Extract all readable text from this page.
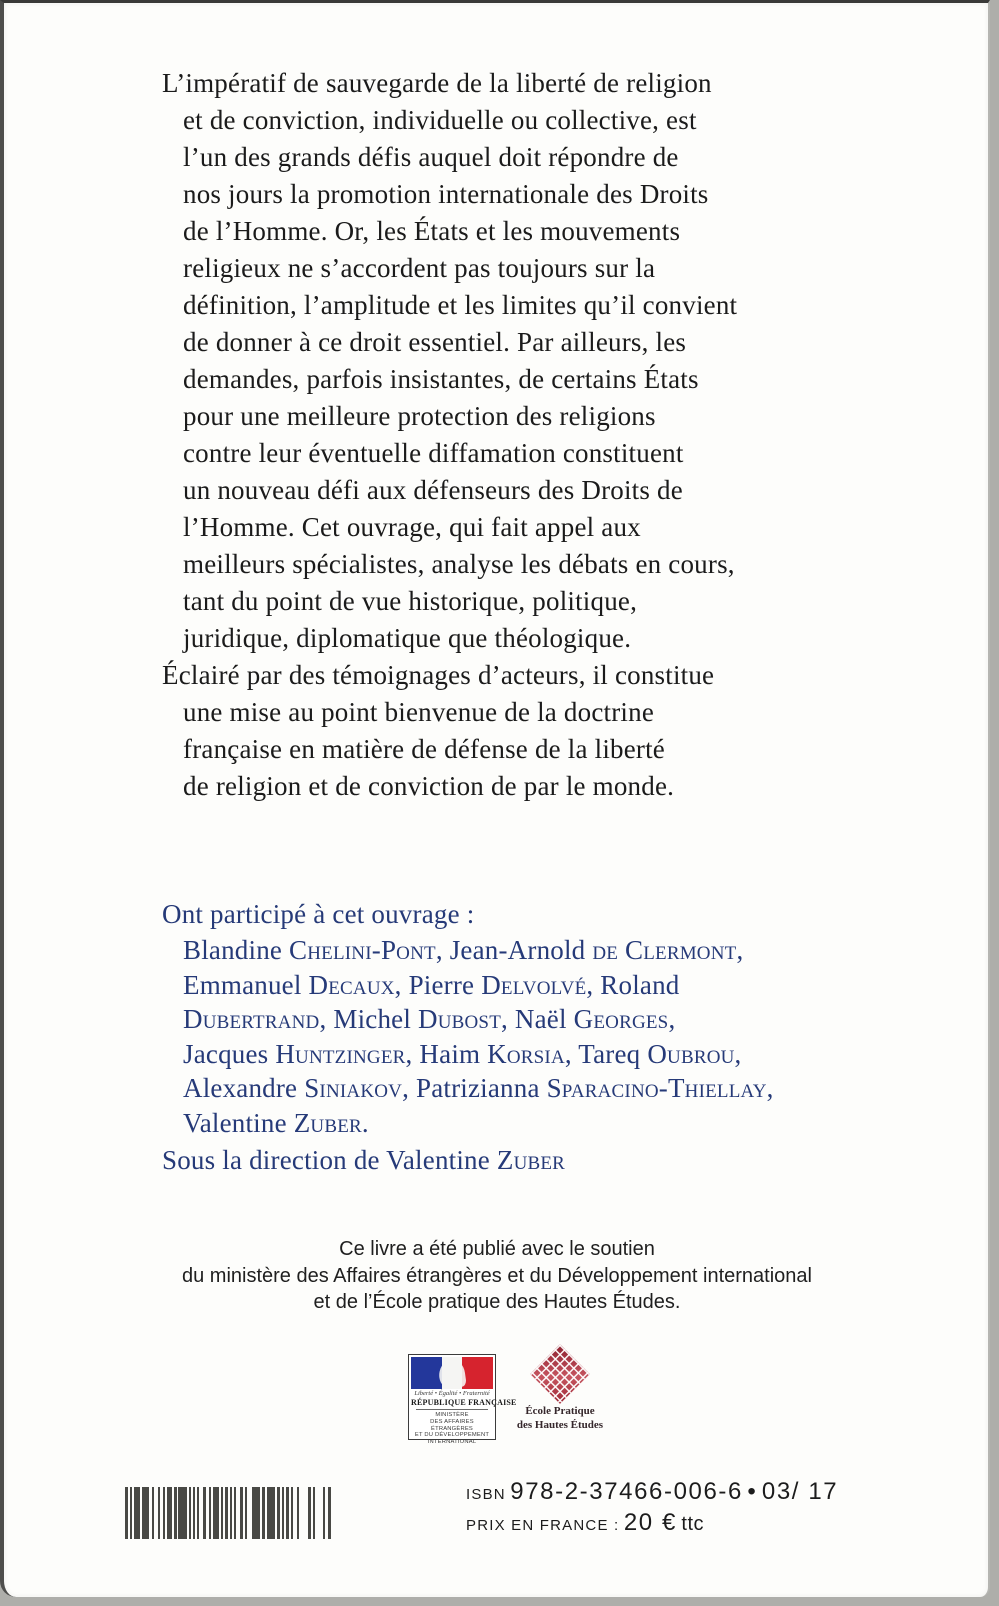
L’impératif de sauvegarde de la liberté de religion
et de conviction, individuelle ou collective, est
l’un des grands défis auquel doit répondre de
nos jours la promotion internationale des Droits
de l’Homme. Or, les États et les mouvements
religieux ne s’accordent pas toujours sur la
définition, l’amplitude et les limites qu’il convient
de donner à ce droit essentiel. Par ailleurs, les
demandes, parfois insistantes, de certains États
pour une meilleure protection des religions
contre leur éventuelle diffamation constituent
un nouveau défi aux défenseurs des Droits de
l’Homme. Cet ouvrage, qui fait appel aux
meilleurs spécialistes, analyse les débats en cours,
tant du point de vue historique, politique,
juridique, diplomatique que théologique.
Éclairé par des témoignages d’acteurs, il constitue
une mise au point bienvenue de la doctrine
française en matière de défense de la liberté
de religion et de conviction de par le monde.
Ont participé à cet ouvrage :
Blandine Chelini-Pont, Jean-Arnold de Clermont,
Emmanuel Decaux, Pierre Delvolvé, Roland
Dubertrand, Michel Dubost, Naël Georges,
Jacques Huntzinger, Haim Korsia, Tareq Oubrou,
Alexandre Siniakov, Patrizianna Sparacino-Thiellay,
Valentine Zuber.
Sous la direction de Valentine Zuber
Ce livre a été publié avec le soutien
du ministère des Affaires étrangères et du Développement international
et de l’École pratique des Hautes Études.
Liberté • Égalité • Fraternité
RÉPUBLIQUE FRANÇAISE
MINISTÈRE
DES AFFAIRES ÉTRANGÈRES
ET DU DÉVELOPPEMENT
INTERNATIONAL
École Pratique
des Hautes Études
ISBN 978-2-37466-006-6 • 03/ 17
PRIX EN FRANCE : 20 € ttc
